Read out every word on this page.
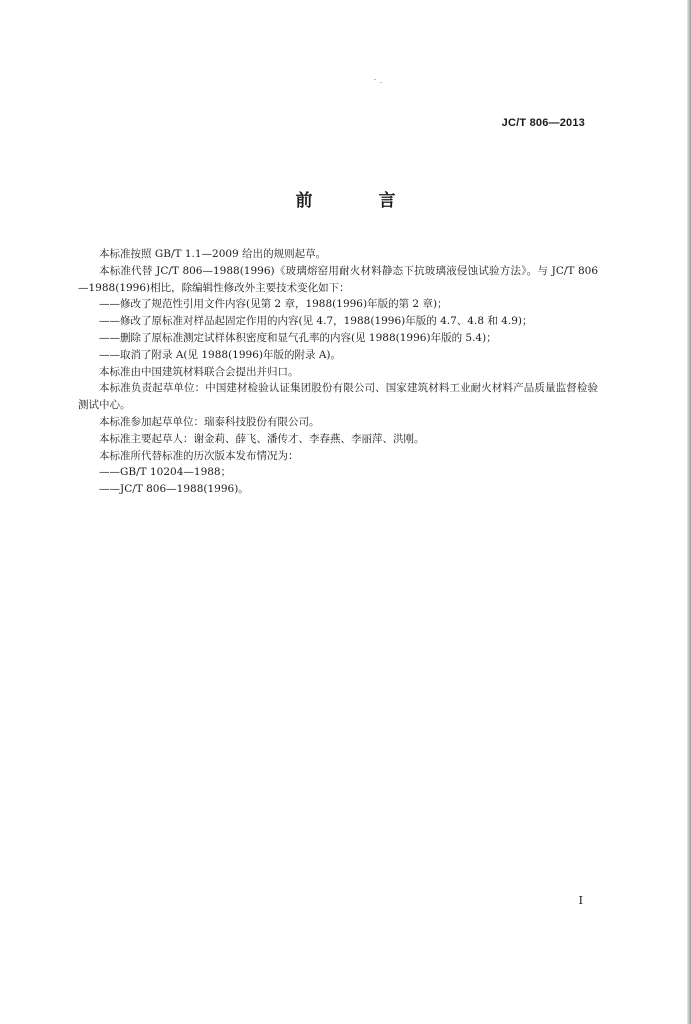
JC/T 806—2013
前 言

本标准按照 GB/T 1.1—2009 给出的规则起草。

本标准代替 JC/T 806—1988(1996)《玻璃熔窑用耐火材料静态下抗玻璃液侵蚀试验方法》。与 JC/T 806—1988(1996)相比，除编辑性修改外主要技术变化如下：

——修改了规范性引用文件内容(见第 2 章，1988(1996)年版的第 2 章)；

——修改了原标准对样品起固定作用的内容(见 4.7，1988(1996)年版的 4.7、4.8 和 4.9)；

——删除了原标准测定试样体积密度和显气孔率的内容(见 1988(1996)年版的 5.4)；

——取消了附录 A(见 1988(1996)年版的附录 A)。

本标准由中国建筑材料联合会提出并归口。

本标准负责起草单位：中国建材检验认证集团股份有限公司、国家建筑材料工业耐火材料产品质量监督检验测试中心。

本标准参加起草单位：瑞泰科技股份有限公司。

本标准主要起草人：谢金莉、薛飞、潘传才、李春燕、李丽萍、洪刚。

本标准所代替标准的历次版本发布情况为：

——GB/T 10204—1988；

——JC/T 806—1988(1996)。

I
